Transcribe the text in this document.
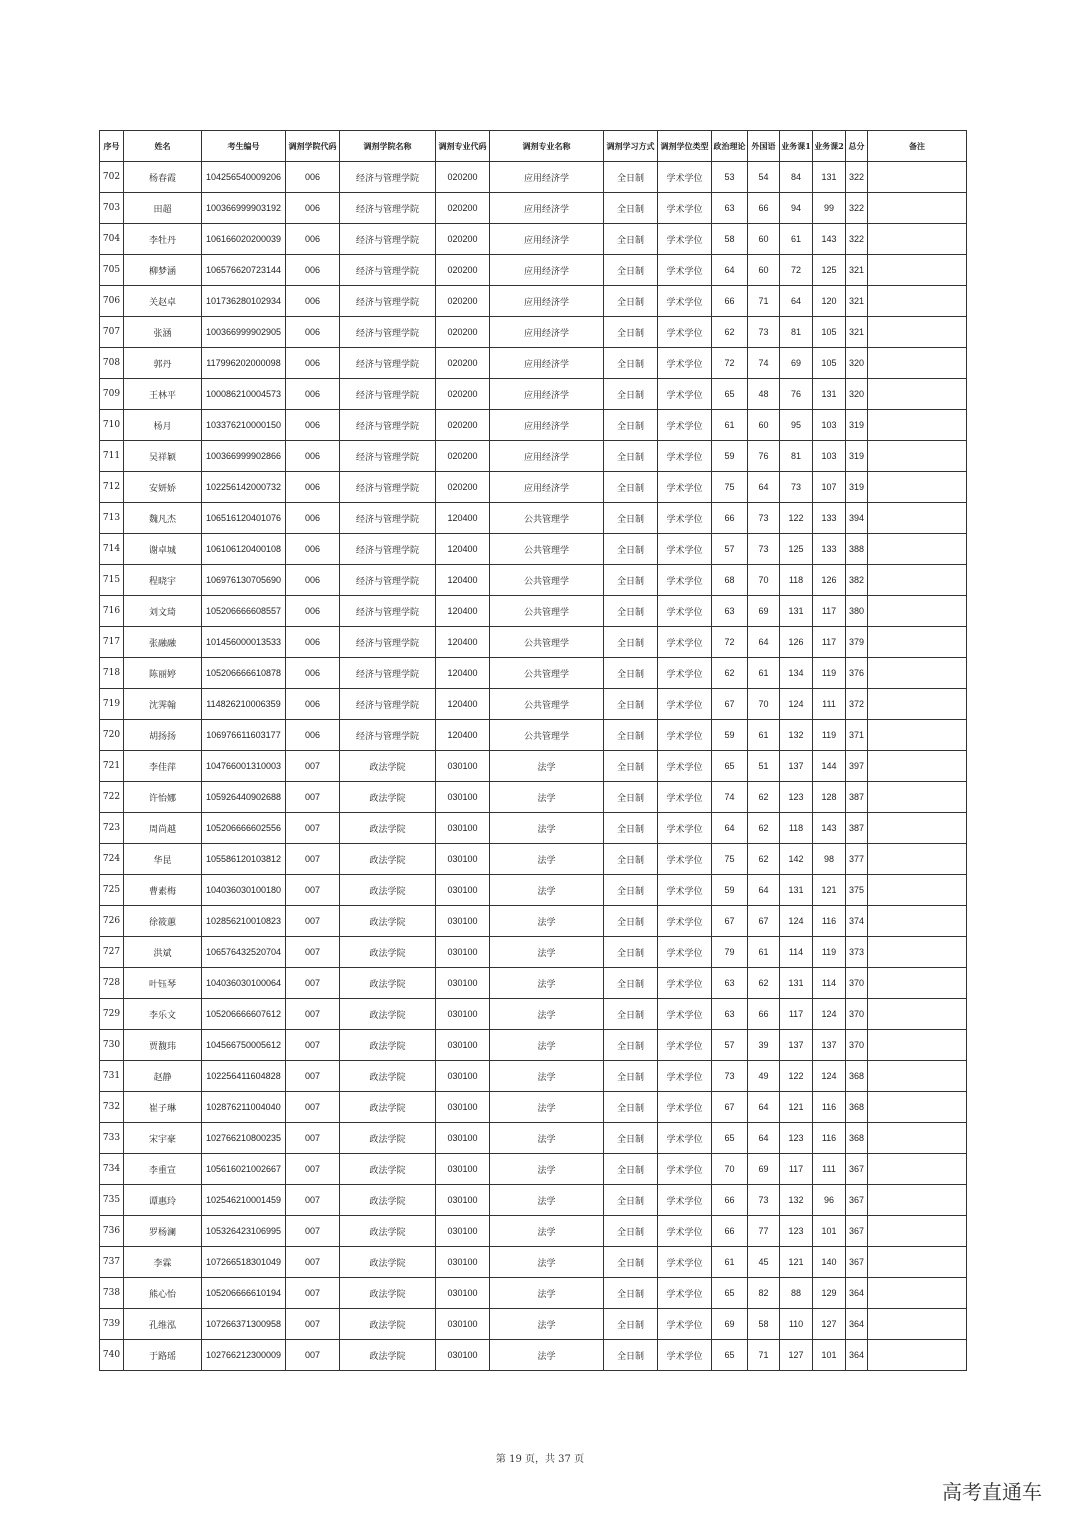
序号	姓名	考生编号	调剂学院代码	调剂学院名称	调剂专业代码	调剂专业名称	调剂学习方式	调剂学位类型	政治理论	外国语	业务课1	业务课2	总分	备注
702	杨春霞	104256540009206	006	经济与管理学院	020200	应用经济学	全日制	学术学位	53	54	84	131	322	
703	田超	100366999903192	006	经济与管理学院	020200	应用经济学	全日制	学术学位	63	66	94	99	322	
704	李牡丹	106166020200039	006	经济与管理学院	020200	应用经济学	全日制	学术学位	58	60	61	143	322	
705	柳梦涵	106576620723144	006	经济与管理学院	020200	应用经济学	全日制	学术学位	64	60	72	125	321	
706	关赵卓	101736280102934	006	经济与管理学院	020200	应用经济学	全日制	学术学位	66	71	64	120	321	
707	张涵	100366999902905	006	经济与管理学院	020200	应用经济学	全日制	学术学位	62	73	81	105	321	
708	郭丹	117996202000098	006	经济与管理学院	020200	应用经济学	全日制	学术学位	72	74	69	105	320	
709	王林平	100086210004573	006	经济与管理学院	020200	应用经济学	全日制	学术学位	65	48	76	131	320	
710	杨月	103376210000150	006	经济与管理学院	020200	应用经济学	全日制	学术学位	61	60	95	103	319	
711	吴祥颖	100366999902866	006	经济与管理学院	020200	应用经济学	全日制	学术学位	59	76	81	103	319	
712	安妍娇	102256142000732	006	经济与管理学院	020200	应用经济学	全日制	学术学位	75	64	73	107	319	
713	魏凡杰	106516120401076	006	经济与管理学院	120400	公共管理学	全日制	学术学位	66	73	122	133	394	
714	谢卓城	106106120400108	006	经济与管理学院	120400	公共管理学	全日制	学术学位	57	73	125	133	388	
715	程晓宇	106976130705690	006	经济与管理学院	120400	公共管理学	全日制	学术学位	68	70	118	126	382	
716	刘文琦	105206666608557	006	经济与管理学院	120400	公共管理学	全日制	学术学位	63	69	131	117	380	
717	张融融	101456000013533	006	经济与管理学院	120400	公共管理学	全日制	学术学位	72	64	126	117	379	
718	陈丽婷	105206666610878	006	经济与管理学院	120400	公共管理学	全日制	学术学位	62	61	134	119	376	
719	沈霁翰	114826210006359	006	经济与管理学院	120400	公共管理学	全日制	学术学位	67	70	124	111	372	
720	胡扬扬	106976611603177	006	经济与管理学院	120400	公共管理学	全日制	学术学位	59	61	132	119	371	
721	李佳萍	104766001310003	007	政法学院	030100	法学	全日制	学术学位	65	51	137	144	397	
722	许怡娜	105926440902688	007	政法学院	030100	法学	全日制	学术学位	74	62	123	128	387	
723	周尚越	105206666602556	007	政法学院	030100	法学	全日制	学术学位	64	62	118	143	387	
724	华昆	105586120103812	007	政法学院	030100	法学	全日制	学术学位	75	62	142	98	377	
725	曹素梅	104036030100180	007	政法学院	030100	法学	全日制	学术学位	59	64	131	121	375	
726	徐筱蕙	102856210010823	007	政法学院	030100	法学	全日制	学术学位	67	67	124	116	374	
727	洪斌	106576432520704	007	政法学院	030100	法学	全日制	学术学位	79	61	114	119	373	
728	叶钰琴	104036030100064	007	政法学院	030100	法学	全日制	学术学位	63	62	131	114	370	
729	李乐文	105206666607612	007	政法学院	030100	法学	全日制	学术学位	63	66	117	124	370	
730	贾馥玮	104566750005612	007	政法学院	030100	法学	全日制	学术学位	57	39	137	137	370	
731	赵静	102256411604828	007	政法学院	030100	法学	全日制	学术学位	73	49	122	124	368	
732	崔子琳	102876211004040	007	政法学院	030100	法学	全日制	学术学位	67	64	121	116	368	
733	宋宇豪	102766210800235	007	政法学院	030100	法学	全日制	学术学位	65	64	123	116	368	
734	李重宣	105616021002667	007	政法学院	030100	法学	全日制	学术学位	70	69	117	111	367	
735	谭惠玲	102546210001459	007	政法学院	030100	法学	全日制	学术学位	66	73	132	96	367	
736	罗杨澜	105326423106995	007	政法学院	030100	法学	全日制	学术学位	66	77	123	101	367	
737	李霖	107266518301049	007	政法学院	030100	法学	全日制	学术学位	61	45	121	140	367	
738	熊心怡	105206666610194	007	政法学院	030100	法学	全日制	学术学位	65	82	88	129	364	
739	孔维泓	107266371300958	007	政法学院	030100	法学	全日制	学术学位	69	58	110	127	364	
740	于路瑶	102766212300009	007	政法学院	030100	法学	全日制	学术学位	65	71	127	101	364	
第 19 页，共 37 页
高考直通车
